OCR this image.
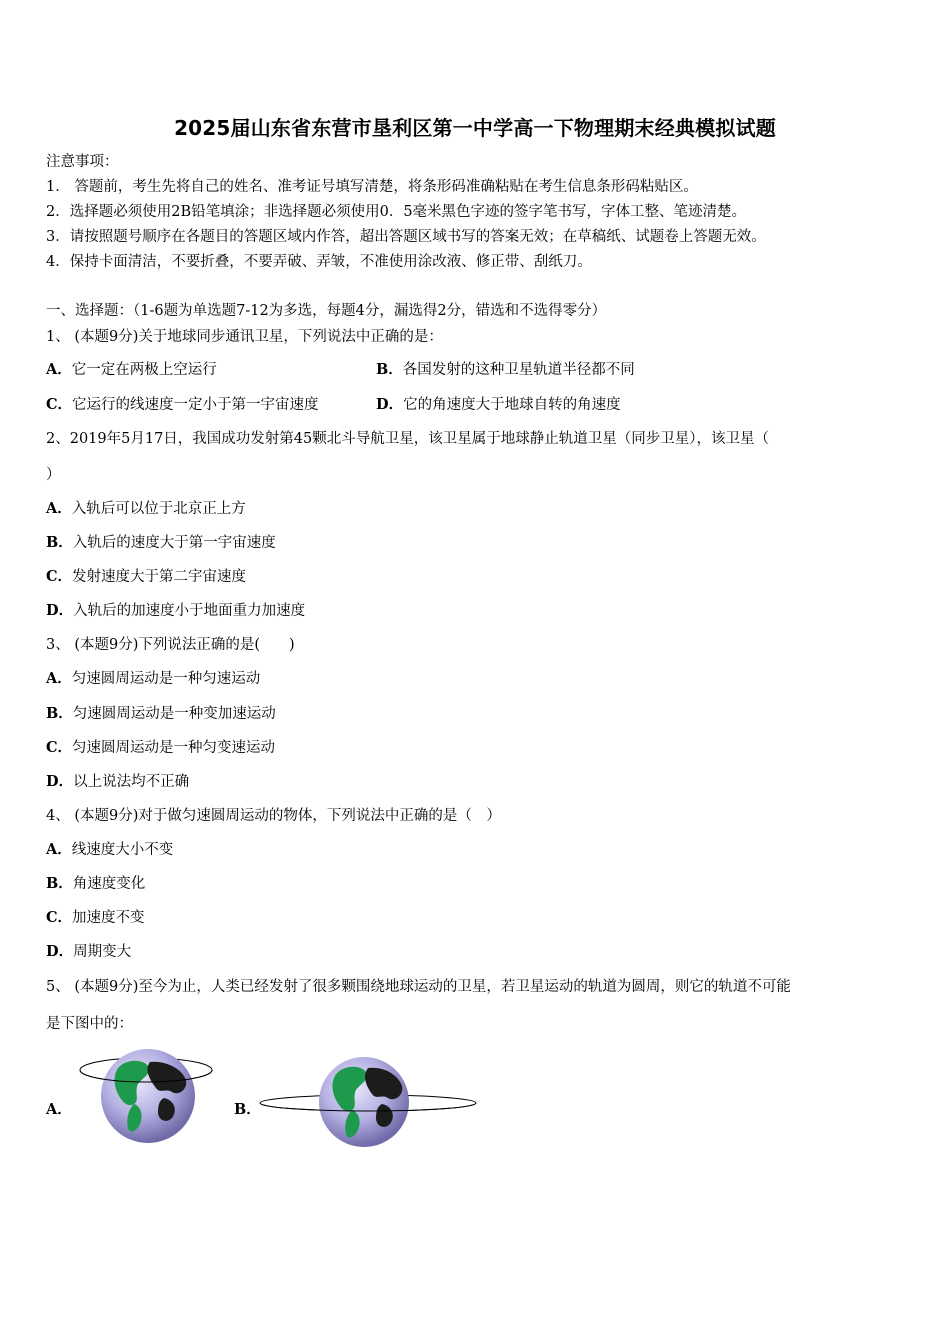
2025届山东省东营市垦利区第一中学高一下物理期末经典模拟试题
注意事项：
1． 答题前，考生先将自己的姓名、准考证号填写清楚，将条形码准确粘贴在考生信息条形码粘贴区。
2．选择题必须使用2B铅笔填涂；非选择题必须使用0．5毫米黑色字迹的签字笔书写，字体工整、笔迹清楚。
3．请按照题号顺序在各题目的答题区域内作答，超出答题区域书写的答案无效；在草稿纸、试题卷上答题无效。
4．保持卡面清洁，不要折叠，不要弄破、弄皱，不准使用涂改液、修正带、刮纸刀。
一、选择题：（1-6题为单选题7-12为多选，每题4分，漏选得2分，错选和不选得零分）
1、 (本题9分)关于地球同步通讯卫星，下列说法中正确的是：
A．它一定在两极上空运行	B．各国发射的这种卫星轨道半径都不同
C．它运行的线速度一定小于第一宇宙速度	D．它的角速度大于地球自转的角速度
2、2019年5月17日，我国成功发射第45颗北斗导航卫星，该卫星属于地球静止轨道卫星（同步卫星），该卫星（
）
A．入轨后可以位于北京正上方
B．入轨后的速度大于第一宇宙速度
C．发射速度大于第二宇宙速度
D．入轨后的加速度小于地面重力加速度
3、 (本题9分)下列说法正确的是(　　)
A．匀速圆周运动是一种匀速运动
B．匀速圆周运动是一种变加速运动
C．匀速圆周运动是一种匀变速运动
D．以上说法均不正确
4、 (本题9分)对于做匀速圆周运动的物体，下列说法中正确的是（　）
A．线速度大小不变
B．角速度变化
C．加速度不变
D．周期变大
5、 (本题9分)至今为止，人类已经发射了很多颗围绕地球运动的卫星，若卫星运动的轨道为圆周，则它的轨道不可能
是下图中的：
A．	B．
